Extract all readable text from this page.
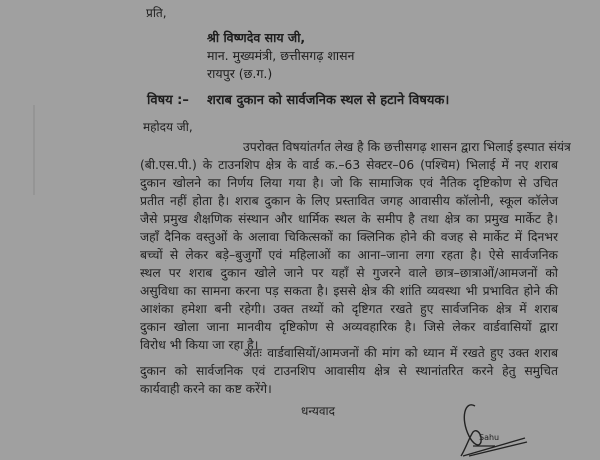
प्रति,
श्री विष्णदेव साय जी,
मान. मुख्यमंत्री, छत्तीसगढ़ शासन
रायपुर (छ.ग.)
विषय :– शराब दुकान को सार्वजनिक स्थल से हटाने विषयक।
महोदय जी,
उपरोक्त विषयांतर्गत लेख है कि छत्तीसगढ़ शासन द्वारा भिलाई इस्पात संयंत्र
(बी.एस.पी.) के टाउनशिप क्षेत्र के वार्ड क.–63 सेक्टर–06 (पश्चिम) भिलाई में नए शराब
दुकान खोलने का निर्णय लिया गया है। जो कि सामाजिक एवं नैतिक दृष्टिकोण से उचित
प्रतीत नहीं होता है। शराब दुकान के लिए प्रस्तावित जगह आवासीय कॉलोनी, स्कूल कॉलेज
जैसे प्रमुख शैक्षणिक संस्थान और धार्मिक स्थल के समीप है तथा क्षेत्र का प्रमुख मार्केट है।
जहाँ दैनिक वस्तुओं के अलावा चिकित्सकों का क्लिनिक होने की वजह से मार्केट में दिनभर
बच्चों से लेकर बड़े–बुजुर्गों एवं महिलाओं का आना–जाना लगा रहता है। ऐसे सार्वजनिक
स्थल पर शराब दुकान खोले जाने पर यहाँ से गुजरने वाले छात्र–छात्राओं/आमजनों को
असुविधा का सामना करना पड़ सकता है। इससे क्षेत्र की शांति व्यवस्था भी प्रभावित होने की
आशंका हमेशा बनी रहेगी। उक्त तथ्यों को दृष्टिगत रखते हुए सार्वजनिक क्षेत्र में शराब
दुकान खोला जाना मानवीय दृष्टिकोण से अव्यवहारिक है। जिसे लेकर वार्डवासियों द्वारा
विरोध भी किया जा रहा है।
अतः वार्डवासियों/आमजनों की मांग को ध्यान में रखते हुए उक्त शराब
दुकान को सार्वजनिक एवं टाउनशिप आवासीय क्षेत्र से स्थानांतरित करने हेतु समुचित
कार्यवाही करने का कष्ट करेंगे।
धन्यवाद
Sahu
